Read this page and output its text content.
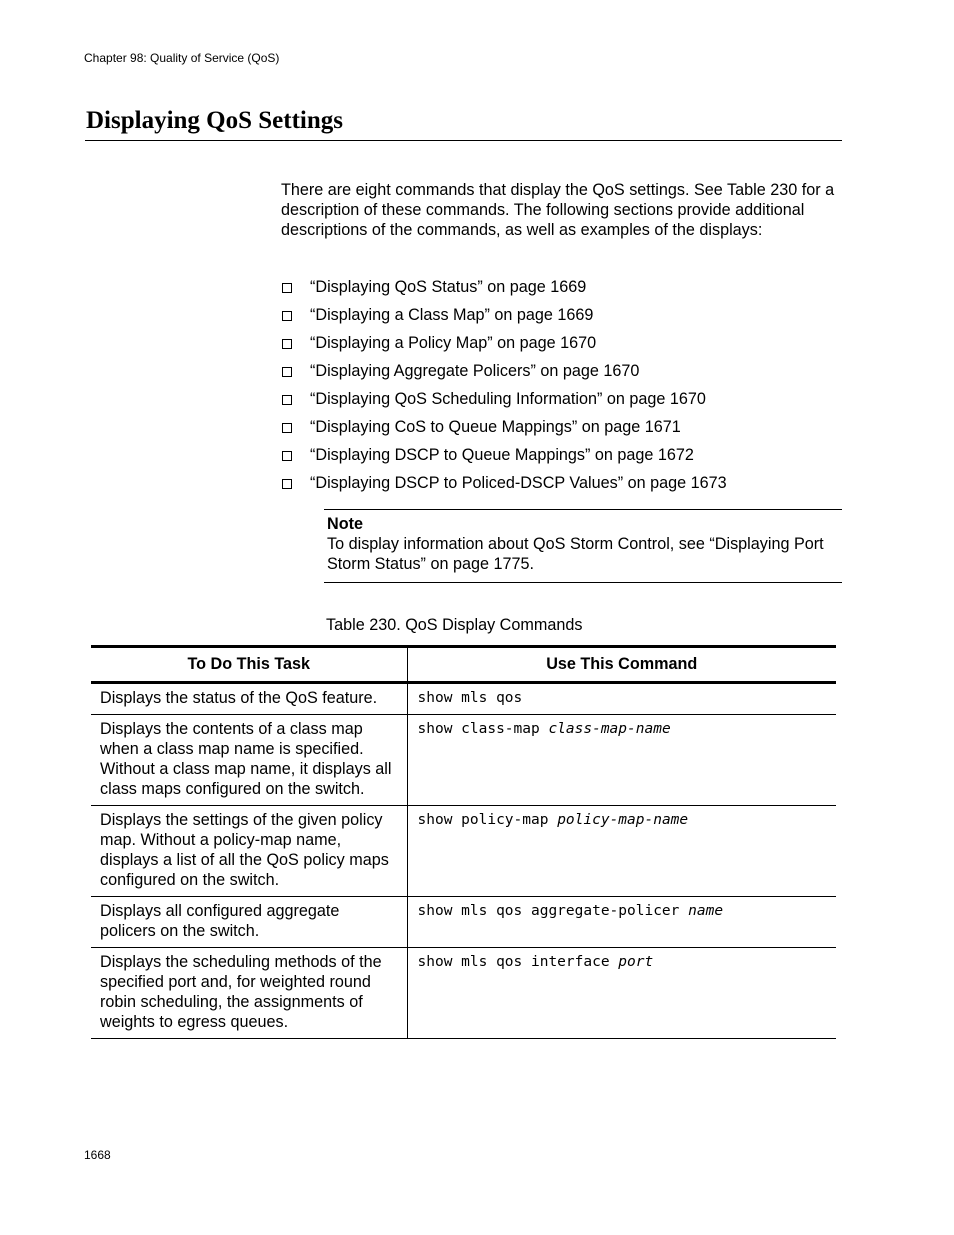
Chapter 98: Quality of Service (QoS)
Displaying QoS Settings

There are eight commands that display the QoS settings. See Table 230 for a description of these commands. The following sections provide additional descriptions of the commands, as well as examples of the displays:

“Displaying QoS Status” on page 1669
“Displaying a Class Map” on page 1669
“Displaying a Policy Map” on page 1670
“Displaying Aggregate Policers” on page 1670
“Displaying QoS Scheduling Information” on page 1670
“Displaying CoS to Queue Mappings” on page 1671
“Displaying DSCP to Queue Mappings” on page 1672
“Displaying DSCP to Policed-DSCP Values” on page 1673
Note
To display information about QoS Storm Control, see “Displaying Port Storm Status” on page 1775.
Table 230. QoS Display Commands
To Do This Task	Use This Command
Displays the status of the QoS feature.	show mls qos
Displays the contents of a class map when a class map name is specified. Without a class map name, it displays all class maps configured on the switch.	show class-map class-map-name
Displays the settings of the given policy map. Without a policy-map name, displays a list of all the QoS policy maps configured on the switch.	show policy-map policy-map-name
Displays all configured aggregate policers on the switch.	show mls qos aggregate-policer name
Displays the scheduling methods of the specified port and, for weighted round robin scheduling, the assignments of weights to egress queues.	show mls qos interface port
1668
